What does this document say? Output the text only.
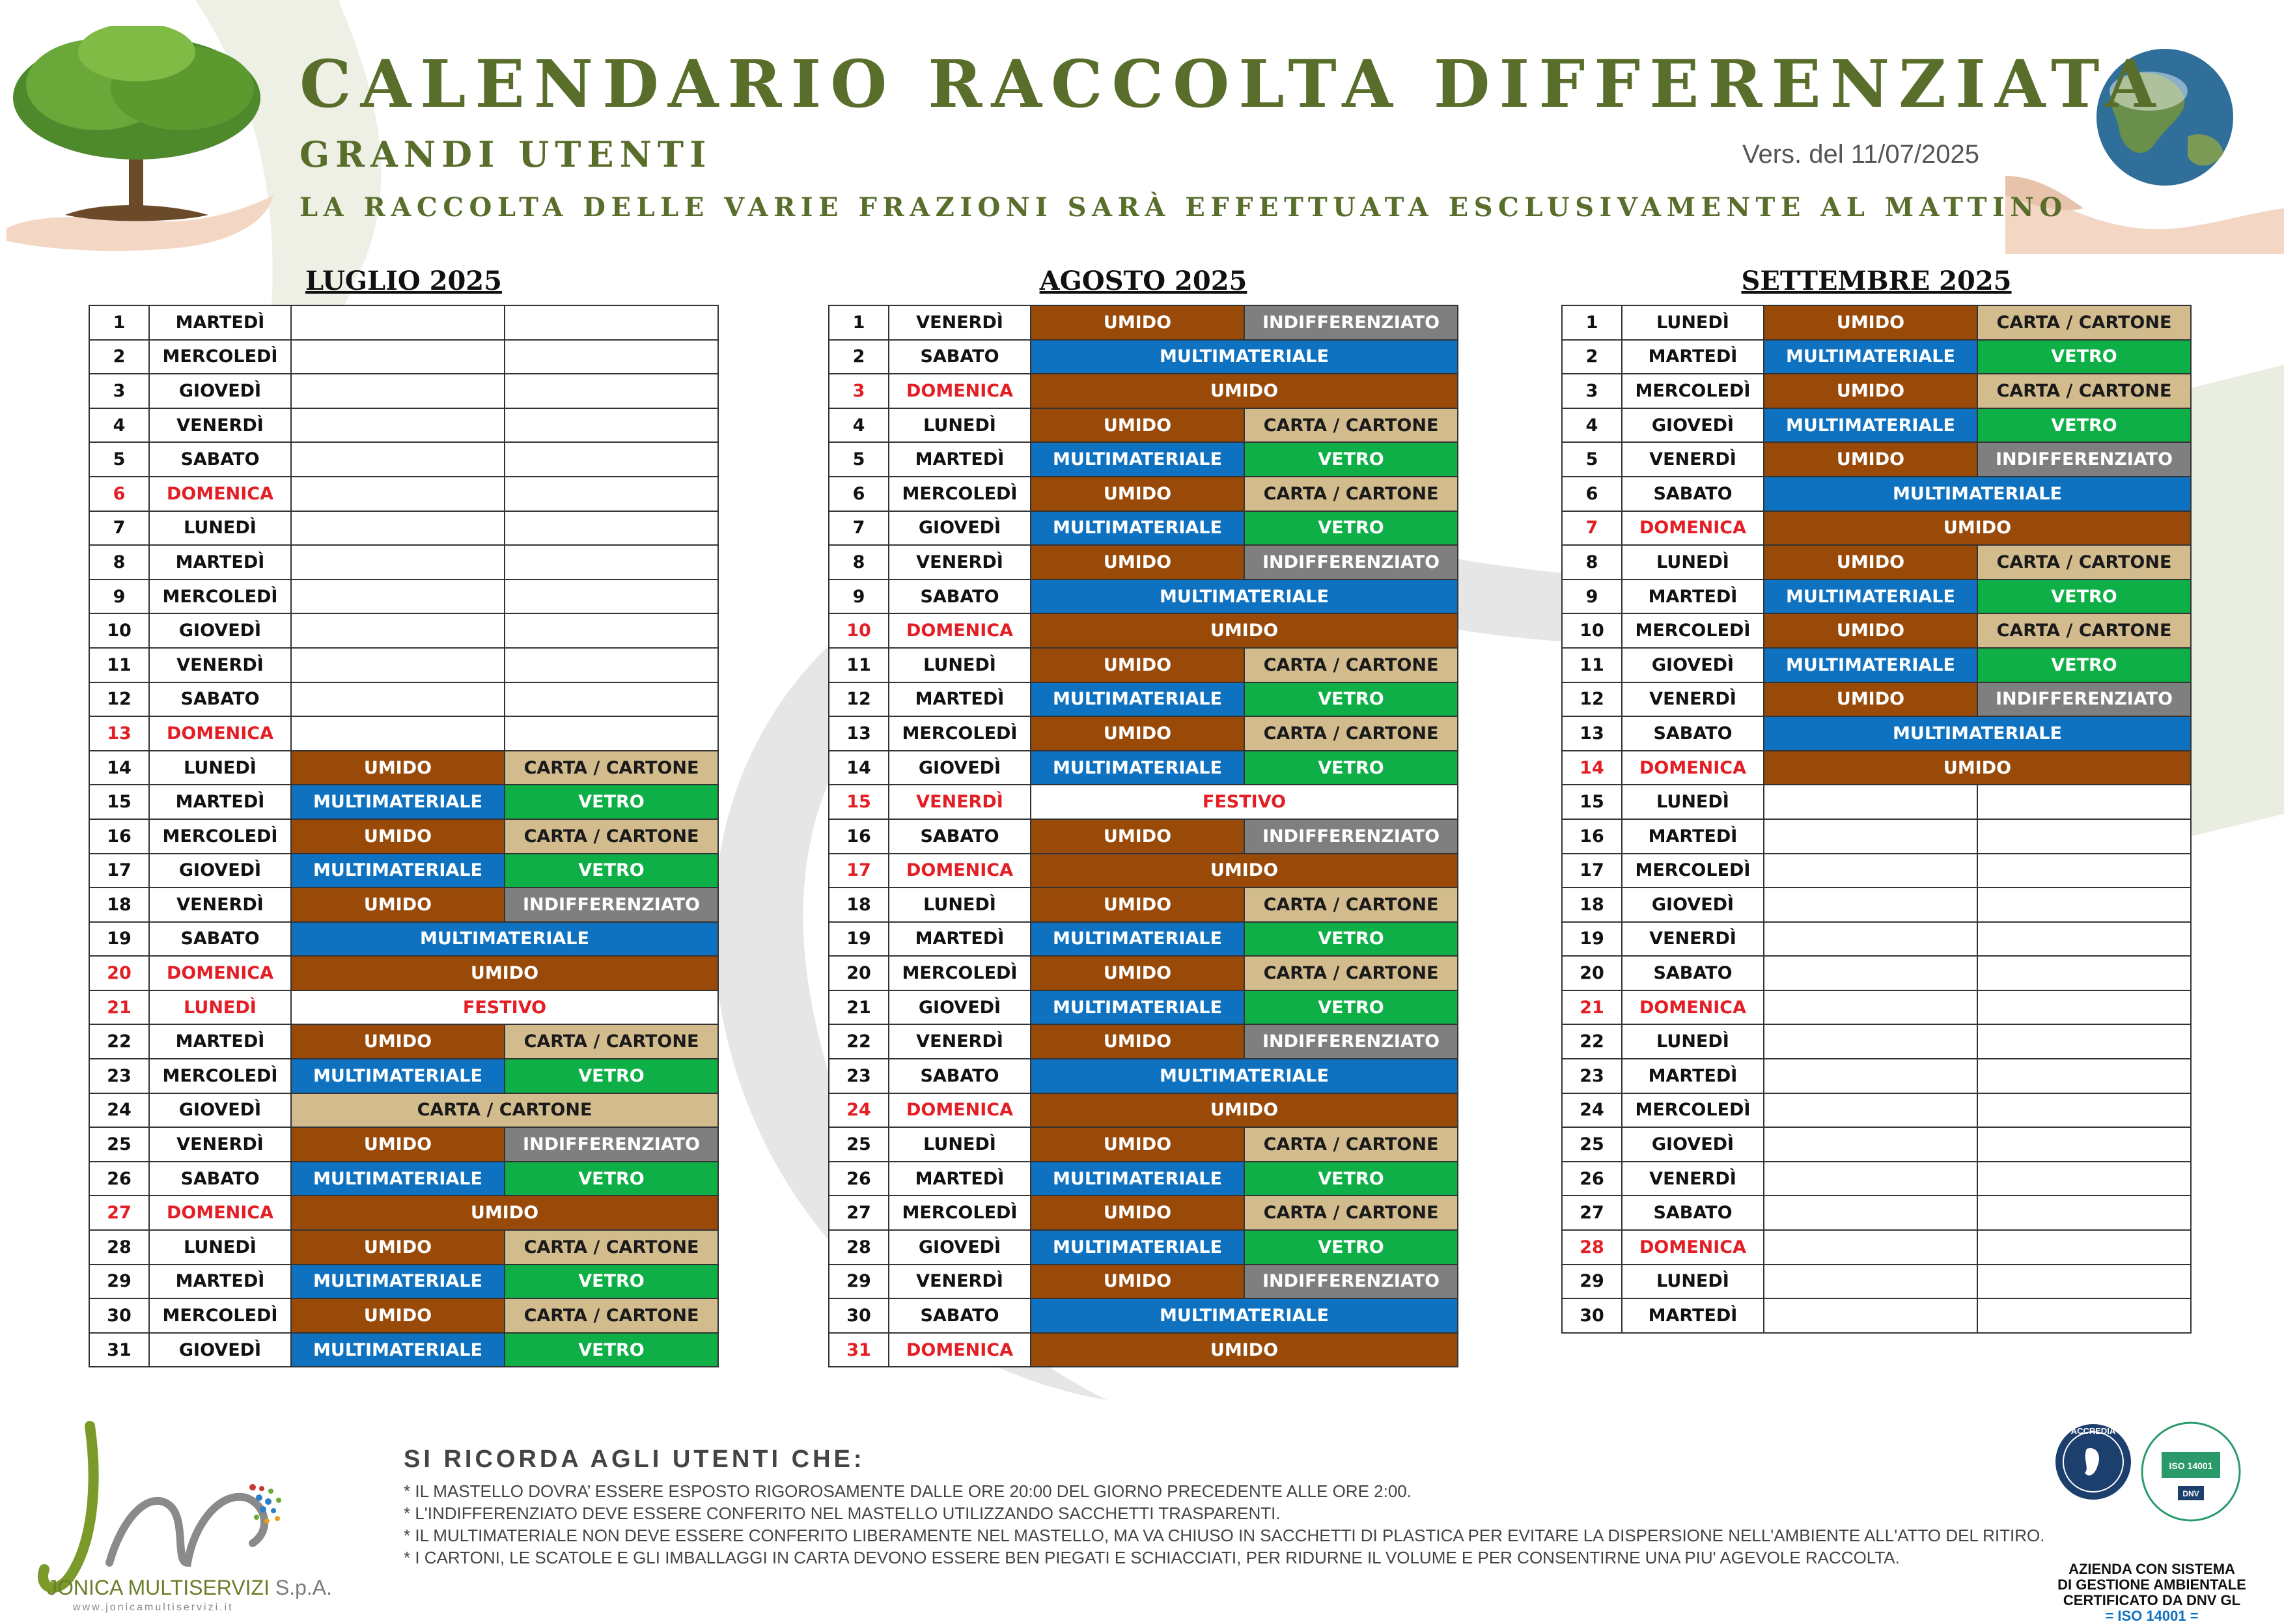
CALENDARIO RACCOLTA DIFFERENZIATA
GRANDI UTENTI	Vers. del 11/07/2025
LA RACCOLTA DELLE VARIE FRAZIONI SARÀ EFFETTUATA ESCLUSIVAMENTE AL MATTINO
LUGLIO 2025
1	MARTEDÌ		
2	MERCOLEDÌ		
3	GIOVEDÌ		
4	VENERDÌ		
5	SABATO		
6	DOMENICA		
7	LUNEDÌ		
8	MARTEDÌ		
9	MERCOLEDÌ		
10	GIOVEDÌ		
11	VENERDÌ		
12	SABATO		
13	DOMENICA		
14	LUNEDÌ	UMIDO	CARTA / CARTONE
15	MARTEDÌ	MULTIMATERIALE	VETRO
16	MERCOLEDÌ	UMIDO	CARTA / CARTONE
17	GIOVEDÌ	MULTIMATERIALE	VETRO
18	VENERDÌ	UMIDO	INDIFFERENZIATO
19	SABATO	MULTIMATERIALE	
20	DOMENICA	UMIDO	
21	LUNEDÌ	FESTIVO	
22	MARTEDÌ	UMIDO	CARTA / CARTONE
23	MERCOLEDÌ	MULTIMATERIALE	VETRO
24	GIOVEDÌ	CARTA / CARTONE	
25	VENERDÌ	UMIDO	INDIFFERENZIATO
26	SABATO	MULTIMATERIALE	VETRO
27	DOMENICA	UMIDO	
28	LUNEDÌ	UMIDO	CARTA / CARTONE
29	MARTEDÌ	MULTIMATERIALE	VETRO
30	MERCOLEDÌ	UMIDO	CARTA / CARTONE
31	GIOVEDÌ	MULTIMATERIALE	VETRO
AGOSTO 2025
1	VENERDÌ	UMIDO	INDIFFERENZIATO
2	SABATO	MULTIMATERIALE	
3	DOMENICA	UMIDO	
4	LUNEDÌ	UMIDO	CARTA / CARTONE
5	MARTEDÌ	MULTIMATERIALE	VETRO
6	MERCOLEDÌ	UMIDO	CARTA / CARTONE
7	GIOVEDÌ	MULTIMATERIALE	VETRO
8	VENERDÌ	UMIDO	INDIFFERENZIATO
9	SABATO	MULTIMATERIALE	
10	DOMENICA	UMIDO	
11	LUNEDÌ	UMIDO	CARTA / CARTONE
12	MARTEDÌ	MULTIMATERIALE	VETRO
13	MERCOLEDÌ	UMIDO	CARTA / CARTONE
14	GIOVEDÌ	MULTIMATERIALE	VETRO
15	VENERDÌ	FESTIVO	
16	SABATO	UMIDO	INDIFFERENZIATO
17	DOMENICA	UMIDO	
18	LUNEDÌ	UMIDO	CARTA / CARTONE
19	MARTEDÌ	MULTIMATERIALE	VETRO
20	MERCOLEDÌ	UMIDO	CARTA / CARTONE
21	GIOVEDÌ	MULTIMATERIALE	VETRO
22	VENERDÌ	UMIDO	INDIFFERENZIATO
23	SABATO	MULTIMATERIALE	
24	DOMENICA	UMIDO	
25	LUNEDÌ	UMIDO	CARTA / CARTONE
26	MARTEDÌ	MULTIMATERIALE	VETRO
27	MERCOLEDÌ	UMIDO	CARTA / CARTONE
28	GIOVEDÌ	MULTIMATERIALE	VETRO
29	VENERDÌ	UMIDO	INDIFFERENZIATO
30	SABATO	MULTIMATERIALE	
31	DOMENICA	UMIDO	
SETTEMBRE 2025
1	LUNEDÌ	UMIDO	CARTA / CARTONE
2	MARTEDÌ	MULTIMATERIALE	VETRO
3	MERCOLEDÌ	UMIDO	CARTA / CARTONE
4	GIOVEDÌ	MULTIMATERIALE	VETRO
5	VENERDÌ	UMIDO	INDIFFERENZIATO
6	SABATO	MULTIMATERIALE	
7	DOMENICA	UMIDO	
8	LUNEDÌ	UMIDO	CARTA / CARTONE
9	MARTEDÌ	MULTIMATERIALE	VETRO
10	MERCOLEDÌ	UMIDO	CARTA / CARTONE
11	GIOVEDÌ	MULTIMATERIALE	VETRO
12	VENERDÌ	UMIDO	INDIFFERENZIATO
13	SABATO	MULTIMATERIALE	
14	DOMENICA	UMIDO	
15	LUNEDÌ		
16	MARTEDÌ		
17	MERCOLEDÌ		
18	GIOVEDÌ		
19	VENERDÌ		
20	SABATO		
21	DOMENICA		
22	LUNEDÌ		
23	MARTEDÌ		
24	MERCOLEDÌ		
25	GIOVEDÌ		
26	VENERDÌ		
27	SABATO		
28	DOMENICA		
29	LUNEDÌ		
30	MARTEDÌ		
JONICA MULTISERVIZI S.p.A.
www.jonicamultiservizi.it
SI RICORDA AGLI UTENTI CHE:
* IL MASTELLO DOVRA’ ESSERE ESPOSTO RIGOROSAMENTE DALLE ORE 20:00 DEL GIORNO PRECEDENTE ALLE ORE 2:00.
* L'INDIFFERENZIATO DEVE ESSERE CONFERITO NEL MASTELLO UTILIZZANDO SACCHETTI TRASPARENTI.
* IL MULTIMATERIALE NON DEVE ESSERE CONFERITO LIBERAMENTE NEL MASTELLO, MA VA CHIUSO IN SACCHETTI DI PLASTICA PER EVITARE LA DISPERSIONE NELL'AMBIENTE ALL'ATTO DEL RITIRO.
* I CARTONI, LE SCATOLE E GLI IMBALLAGGI IN CARTA DEVONO ESSERE BEN PIEGATI E SCHIACCIATI, PER RIDURNE IL VOLUME E PER CONSENTIRNE UNA PIU' AGEVOLE RACCOLTA.
ACCREDIA
ISO 14001
DNV
AZIENDA CON SISTEMA
DI GESTIONE AMBIENTALE
CERTIFICATO DA DNV GL
= ISO 14001 =
